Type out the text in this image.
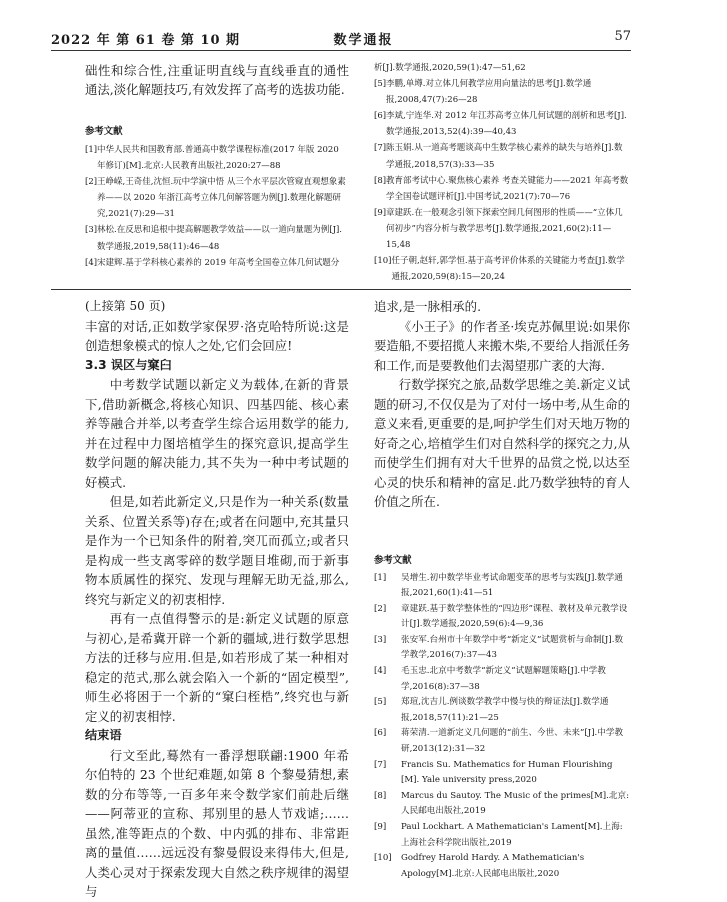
2022 年 第 61 卷 第 10 期	数学通报	57

础性和综合性,注重证明直线与直线垂直的通性通法,淡化解题技巧,有效发挥了高考的选拔功能.

参考文献
[1] 中华人民共和国教育部.普通高中数学课程标准(2017 年版 2020 年修订)[M].北京:人民教育出版社,2020:27—88
[2] 王峥嵘,王奇佳,沈恒.玩中学演中悟 从三个水平层次管窥直观想象素养——以 2020 年浙江高考立体几何解答题为例[J].数理化解题研究,2021(7):29—31
[3] 林松.在反思和追根中提高解题教学效益——以一道向量题为例[J].数学通报,2019,58(11):46—48
[4] 宋建辉.基于学科核心素养的 2019 年高考全国卷立体几何试题分
析[J].数学通报,2020,59(1):47—51,62
[5] 李鹏,单墫.对立体几何教学应用向量法的思考[J].数学通报,2008,47(7):26—28
[6] 李斌,宁连华.对 2012 年江苏高考立体几何试题的剖析和思考[J].数学通报,2013,52(4):39—40,43
[7] 陈玉娟.从一道高考题谈高中生数学核心素养的缺失与培养[J].数学通报,2018,57(3):33—35
[8] 教育部考试中心.聚焦核心素养 考查关键能力——2021 年高考数学全国卷试题评析[J].中国考试,2021(7):70—76
[9] 章建跃.在一般观念引领下探索空间几何图形的性质——“立体几何初步”内容分析与教学思考[J].数学通报,2021,60(2):11—15,48
[10] 任子朝,赵轩,郭学恒.基于高考评价体系的关键能力考查[J].数学通报,2020,59(8):15—20,24
(上接第 50 页)

丰富的对话,正如数学家保罗·洛克哈特所说:这是创造想象模式的惊人之处,它们会回应!

3.3 误区与窠臼

中考数学试题以新定义为载体,在新的背景下,借助新概念,将核心知识、四基四能、核心素养等融合并举,以考查学生综合运用数学的能力,并在过程中力图培植学生的探究意识,提高学生数学问题的解决能力,其不失为一种中考试题的好模式.

但是,如若此新定义,只是作为一种关系(数量关系、位置关系等)存在;或者在问题中,充其量只是作为一个已知条件的附着,突兀而孤立;或者只是构成一些支离零碎的数学题目堆砌,而于新事物本质属性的探究、发现与理解无助无益,那么,终究与新定义的初衷相悖.

再有一点值得警示的是:新定义试题的原意与初心,是希冀开辟一个新的疆域,进行数学思想方法的迁移与应用.但是,如若形成了某一种相对稳定的范式,那么就会陷入一个新的“固定模型”,师生必将困于一个新的“窠臼桎梏”,终究也与新定义的初衷相悖.

结束语

行文至此,蓦然有一番浮想联翩:1900 年希尔伯特的 23 个世纪难题,如第 8 个黎曼猜想,素数的分布等等,一百多年来令数学家们前赴后继——阿蒂亚的宣称、邦别里的悬人节戏谑;……虽然,准等距点的个数、中内弧的排布、非常距离的量值……远远没有黎曼假设来得伟大,但是,人类心灵对于探索发现大自然之秩序规律的渴望与

追求,是一脉相承的.

《小王子》的作者圣·埃克苏佩里说:如果你要造船,不要招揽人来搬木柴,不要给人指派任务和工作,而是要教他们去渴望那广袤的大海.

行数学探究之旅,品数学思维之美.新定义试题的研习,不仅仅是为了对付一场中考,从生命的意义来看,更重要的是,呵护学生们对天地万物的好奇之心,培植学生们对自然科学的探究之力,从而使学生们拥有对大千世界的品赏之悦,以达至心灵的快乐和精神的富足.此乃数学独特的育人价值之所在.

参考文献
[1]	吴增生.初中数学毕业考试命题变革的思考与实践[J].数学通报,2021,60(1):41—51
[2]	章建跃.基于数学整体性的“四边形”课程、教材及单元教学设计[J].数学通报,2020,59(6):4—9,36
[3]	张安军.台州市十年数学中考“新定义”试题赏析与命制[J].数学教学,2016(7):37—43
[4]	毛玉忠.北京中考数学“新定义”试题解题策略[J].中学教学,2016(8):37—38
[5]	郑瑄,沈吉儿.例谈数学教学中慢与快的辩证法[J].数学通报,2018,57(11):21—25
[6]	蒋荣清.一道新定义几何题的“前生、今世、未来”[J].中学教研,2013(12):31—32
[7]	Francis Su. Mathematics for Human Flourishing [M]. Yale university press,2020
[8]	Marcus du Sautoy. The Music of the primes[M].北京:人民邮电出版社,2019
[9]	Paul Lockhart. A Mathematician's Lament[M].上海:上海社会科学院出版社,2019
[10]	Godfrey Harold Hardy. A Mathematician's Apology[M].北京:人民邮电出版社,2020
